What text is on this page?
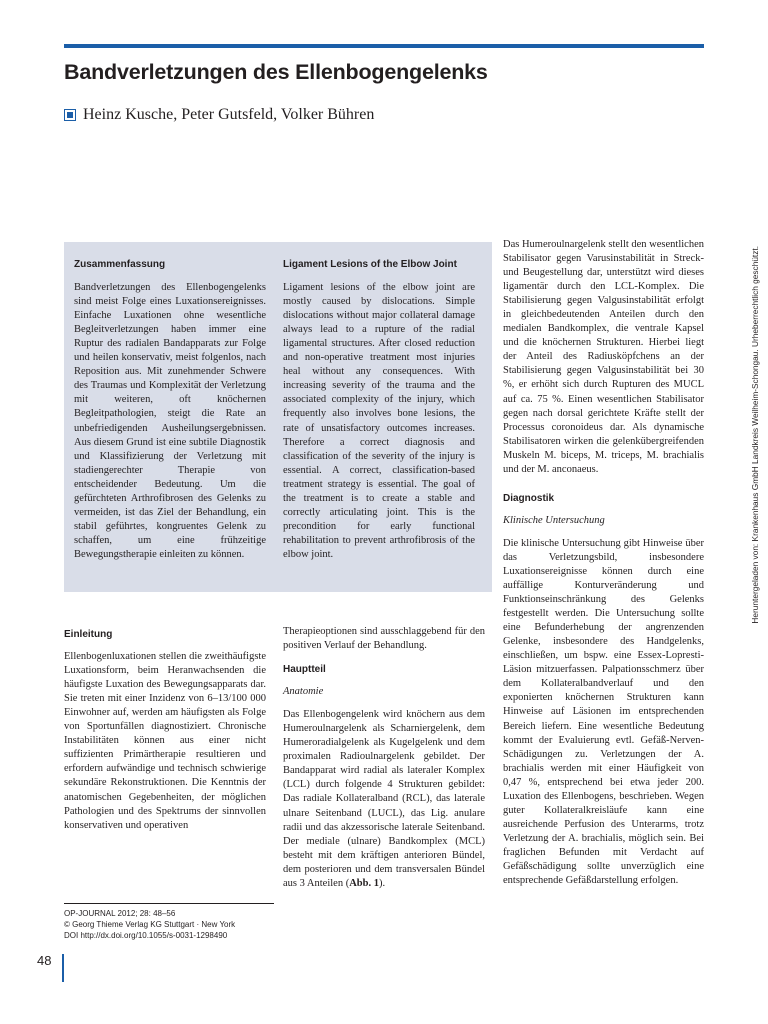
Bandverletzungen des Ellenbogengelenks
Heinz Kusche, Peter Gutsfeld, Volker Bühren
Zusammenfassung

Bandverletzungen des Ellenbogengelenks sind meist Folge eines Luxationsereignisses. Einfache Luxationen ohne wesentliche Begleitverletzungen haben immer eine Ruptur des radialen Bandapparats zur Folge und heilen konservativ, meist folgenlos, nach Reposition aus. Mit zunehmender Schwere des Traumas und Komplexität der Verletzung mit weiteren, oft knöchernen Begleitpathologien, steigt die Rate an unbefriedigenden Ausheilungsergebnissen. Aus diesem Grund ist eine subtile Diagnostik und Klassifizierung der Verletzung mit stadiengerechter Therapie von entscheidender Bedeutung. Um die gefürchteten Arthrofibrosen des Gelenks zu vermeiden, ist das Ziel der Behandlung, ein stabil geführtes, kongruentes Gelenk zu schaffen, um eine frühzeitige Bewegungstherapie einleiten zu können.

Ligament Lesions of the Elbow Joint

Ligament lesions of the elbow joint are mostly caused by dislocations. Simple dislocations without major collateral damage always lead to a rupture of the radial ligamental structures. After closed reduction and non-operative treatment most injuries heal without any consequences. With increasing severity of the trauma and the associated complexity of the injury, which frequently also involves bone lesions, the rate of unsatisfactory outcomes increases. Therefore a correct diagnosis and classification of the severity of the injury is essential. A correct, classification-based treatment strategy is essential. The goal of the treatment is to create a stable and correctly articulating joint. This is the precondition for early functional rehabilitation to prevent arthrofibrosis of the elbow joint.

Einleitung

Ellenbogenluxationen stellen die zweithäufigste Luxationsform, beim Heranwachsenden die häufigste Luxation des Bewegungsapparats dar. Sie treten mit einer Inzidenz von 6–13/100 000 Einwohner auf, werden am häufigsten als Folge von Sportunfällen diagnostiziert. Chronische Instabilitäten können aus einer nicht suffizienten Primärtherapie resultieren und erfordern aufwändige und technisch schwierige sekundäre Rekonstruktionen. Die Kenntnis der anatomischen Gegebenheiten, der möglichen Pathologien und des Spektrums der sinnvollen konservativen und operativen

Therapieoptionen sind ausschlaggebend für den positiven Verlauf der Behandlung.

Hauptteil
Anatomie

Das Ellenbogengelenk wird knöchern aus dem Humeroulnargelenk als Scharniergelenk, dem Humeroradialgelenk als Kugelgelenk und dem proximalen Radioulnargelenk gebildet. Der Bandapparat wird radial als lateraler Komplex (LCL) durch folgende 4 Strukturen gebildet: Das radiale Kollateralband (RCL), das laterale ulnare Seitenband (LUCL), das Lig. anulare radii und das akzessorische laterale Seitenband. Der mediale (ulnare) Bandkomplex (MCL) besteht mit dem kräftigen anterioren Bündel, dem posterioren und dem transversalen Bündel aus 3 Anteilen (Abb. 1).

Das Humeroulnargelenk stellt den wesentlichen Stabilisator gegen Varusinstabilität in Streck- und Beugestellung dar, unterstützt wird dieses ligamentär durch den LCL-Komplex. Die Stabilisierung gegen Valgusinstabilität erfolgt in gleichbedeutenden Anteilen durch den medialen Bandkomplex, die ventrale Kapsel und die knöchernen Strukturen. Hierbei liegt der Anteil des Radiusköpfchens an der Stabilisierung gegen Valgusinstabilität bei 30 %, er erhöht sich durch Rupturen des MUCL auf ca. 75 %. Einen wesentlichen Stabilisator gegen nach dorsal gerichtete Kräfte stellt der Processus coronoideus dar. Als dynamische Stabilisatoren wirken die gelenkübergreifenden Muskeln M. biceps, M. triceps, M. brachialis und der M. anconaeus.

Diagnostik
Klinische Untersuchung

Die klinische Untersuchung gibt Hinweise über das Verletzungsbild, insbesondere Luxationsereignisse können durch eine auffällige Konturveränderung und Funktionseinschränkung des Gelenks festgestellt werden. Die Untersuchung sollte eine Befunderhebung der angrenzenden Gelenke, insbesondere des Handgelenks, einschließen, um bspw. eine Essex-Lopresti-Läsion mitzuerfassen. Palpationsschmerz über dem Kollateralbandverlauf und den exponierten knöchernen Strukturen kann Hinweise auf Läsionen im entsprechenden Bereich liefern. Eine wesentliche Bedeutung kommt der Evaluierung evtl. Gefäß-Nerven-Schädigungen zu. Verletzungen der A. brachialis werden mit einer Häufigkeit von 0,47 %, entsprechend bei etwa jeder 200. Luxation des Ellenbogens, beschrieben. Wegen guter Kollateralkreisläufe kann eine ausreichende Perfusion des Unterarms, trotz Verletzung der A. brachialis, möglich sein. Bei fraglichen Befunden mit Verdacht auf Gefäßschädigung sollte unverzüglich eine entsprechende Gefäßdarstellung erfolgen.

OP-JOURNAL 2012; 28: 48–56
© Georg Thieme Verlag KG Stuttgart · New York
DOI http://dx.doi.org/10.1055/s-0031-1298490
48
Heruntergeladen von: Krankenhaus GmbH Landkreis Weilheim-Schongau. Urheberrechtlich geschützt.
